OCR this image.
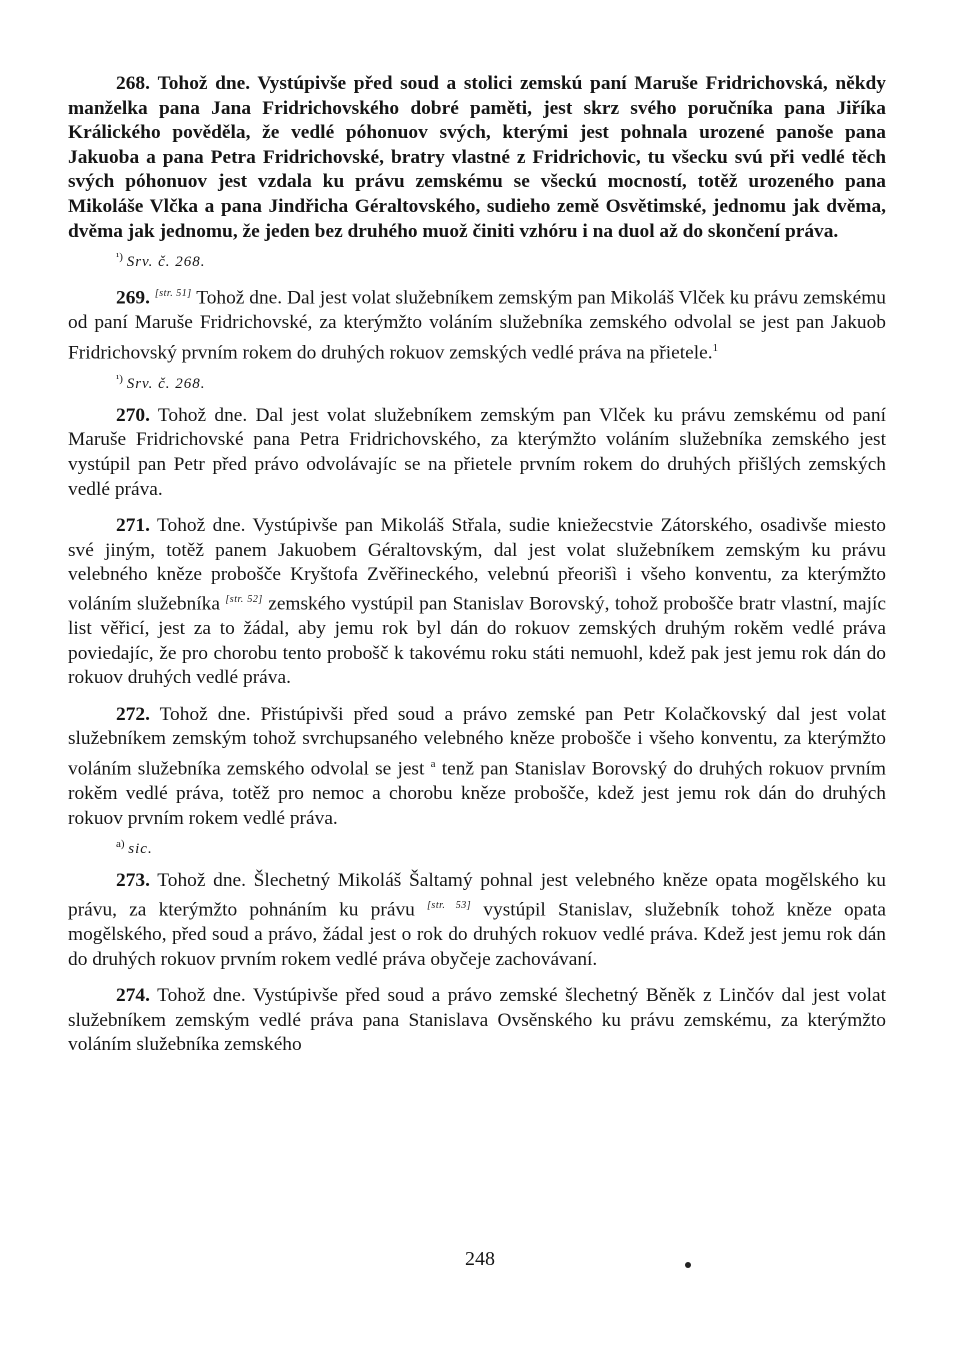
268. Tohož dne. Vystúpivše před soud a stolici zemskú paní Maruše Fridrichovská, někdy manželka pana Jana Fridrichovského dobré paměti, jest skrz svého poručníka pana Jiříka Králického pověděla, že vedlé póhonuov svých, kterými jest pohnala urozené panoše pana Jakuoba a pana Petra Fridrichovské, bratry vlastné z Fridrichovic, tu všecku svú při vedlé těch svých póhonuov jest vzdala ku právu zemskému se všeckú mocností, totěž urozeného pana Mikoláše Vlčka a pana Jindřicha Géraltovského, sudieho země Osvětimské, jednomu jak dvěma, dvěma jak jednomu, že jeden bez druhého muož činiti vzhóru i na duol až do skončení práva.

$^{^1)}$ Srv. č. 268.

269. [str. 51] Tohož dne. Dal jest volat služebníkem zemským pan Mikoláš Vlček ku právu zemskému od paní Maruše Fridrichovské, za kterýmžto voláním služebníka zemského odvolal se jest pan Jakuob Fridrichovský prvním rokem do druhých rokuov zemských vedlé práva na přietele.$^1$

$^{^1)}$ Srv. č. 268.

270. Tohož dne. Dal jest volat služebníkem zemským pan Vlček ku právu zemskému od paní Maruše Fridrichovské pana Petra Fridrichovského, za kterýmžto voláním služebníka zemského jest vystúpil pan Petr před právo odvolávajíc se na přietele prvním rokem do druhých přišlých zemských vedlé práva.

271. Tohož dne. Vystúpivše pan Mikoláš Střala, sudie kniežecstvie Zátorského, osadivše miesto své jiným, totěž panem Jakuobem Géraltovským, dal jest volat služebníkem zemským ku právu velebného kněze probošče Kryštofa Zvěřineckého, velebnú přeorišì i všeho konventu, za kterýmžto voláním služebníka [str. 52] zemského vystúpil pan Stanislav Borovský, tohož probošče bratr vlastní, majíc list věřicí, jest za to žádal, aby jemu rok byl dán do rokuov zemských druhým rokěm vedlé práva poviedajíc, že pro chorobu tento probošč k takovému roku státi nemuohl, kdež pak jest jemu rok dán do rokuov druhých vedlé práva.

272. Tohož dne. Přistúpivši před soud a právo zemské pan Petr Kolačkovský dal jest volat služebníkem zemským tohož svrchupsaného velebného kněze probošče i všeho konventu, za kterýmžto voláním služebníka zemského odvolal se jest $^a$ tenž pan Stanislav Borovský do druhých rokuov prvním rokěm vedlé práva, totěž pro nemoc a chorobu kněze probošče, kdež jest jemu rok dán do druhých rokuov prvním rokem vedlé práva.

$^{a)}$ sic.

273. Tohož dne. Šlechetný Mikoláš Šaltamý pohnal jest velebného kněze opata mogělského ku právu, za kterýmžto pohnáním ku právu [str. 53] vystúpil Stanislav, služebník tohož kněze opata mogělského, před soud a právo, žádal jest o rok do druhých rokuov vedlé práva. Kdež jest jemu rok dán do druhých rokuov prvním rokem vedlé práva obyčeje zachovávaní.

274. Tohož dne. Vystúpivše před soud a právo zemské šlechetný Běněk z Linčóv dal jest volat služebníkem zemským vedlé práva pana Stanislava Ovsěnského ku právu zemskému, za kterýmžto voláním služebníka zemského

248
